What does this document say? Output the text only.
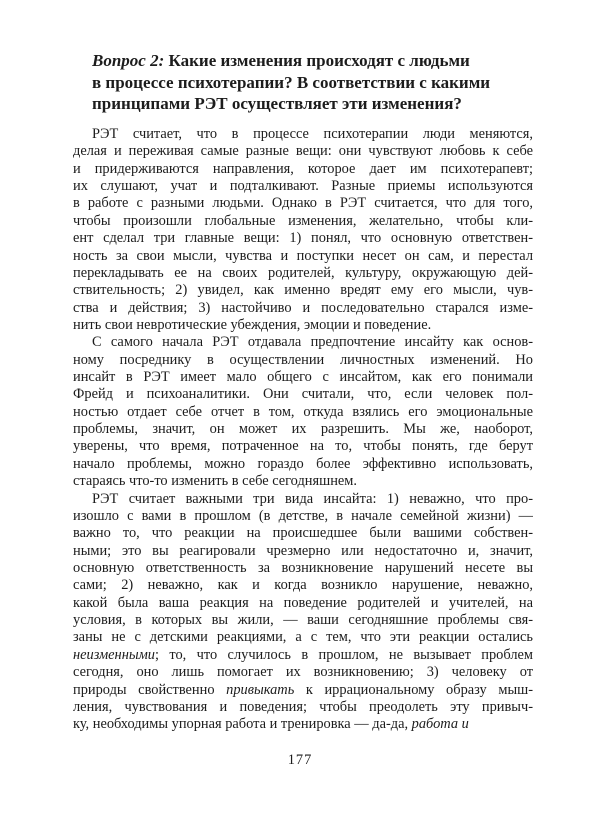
Вопрос 2: Какие изменения происходят с людьми
в процессе психотерапии? В соответствии с какими
принципами РЭТ осуществляет эти изменения?
РЭТ считает, что в процессе психотерапии люди меняются,
делая и переживая самые разные вещи: они чувствуют любовь к себе
и придерживаются направления, которое дает им психотерапевт;
их слушают, учат и подталкивают. Разные приемы используются
в работе с разными людьми. Однако в РЭТ считается, что для того,
чтобы произошли глобальные изменения, желательно, чтобы кли-
ент сделал три главные вещи: 1) понял, что основную ответствен-
ность за свои мысли, чувства и поступки несет он сам, и перестал
перекладывать ее на своих родителей, культуру, окружающую дей-
ствительность; 2) увидел, как именно вредят ему его мысли, чув-
ства и действия; 3) настойчиво и последовательно старался изме-
нить свои невротические убеждения, эмоции и поведение.
С самого начала РЭТ отдавала предпочтение инсайту как основ-
ному посреднику в осуществлении личностных изменений. Но
инсайт в РЭТ имеет мало общего с инсайтом, как его понимали
Фрейд и психоаналитики. Они считали, что, если человек пол-
ностью отдает себе отчет в том, откуда взялись его эмоциональные
проблемы, значит, он может их разрешить. Мы же, наоборот,
уверены, что время, потраченное на то, чтобы понять, где берут
начало проблемы, можно гораздо более эффективно использовать,
стараясь что-то изменить в себе сегодняшнем.
РЭТ считает важными три вида инсайта: 1) неважно, что про-
изошло с вами в прошлом (в детстве, в начале семейной жизни) —
важно то, что реакции на происшедшее были вашими собствен-
ными; это вы реагировали чрезмерно или недостаточно и, значит,
основную ответственность за возникновение нарушений несете вы
сами; 2) неважно, как и когда возникло нарушение, неважно,
какой была ваша реакция на поведение родителей и учителей, на
условия, в которых вы жили, — ваши сегодняшние проблемы свя-
заны не с детскими реакциями, а с тем, что эти реакции остались
неизменными; то, что случилось в прошлом, не вызывает проблем
сегодня, оно лишь помогает их возникновению; 3) человеку от
природы свойственно привыкать к иррациональному образу мыш-
ления, чувствования и поведения; чтобы преодолеть эту привыч-
ку, необходимы упорная работа и тренировка — да-да, работа и
177
